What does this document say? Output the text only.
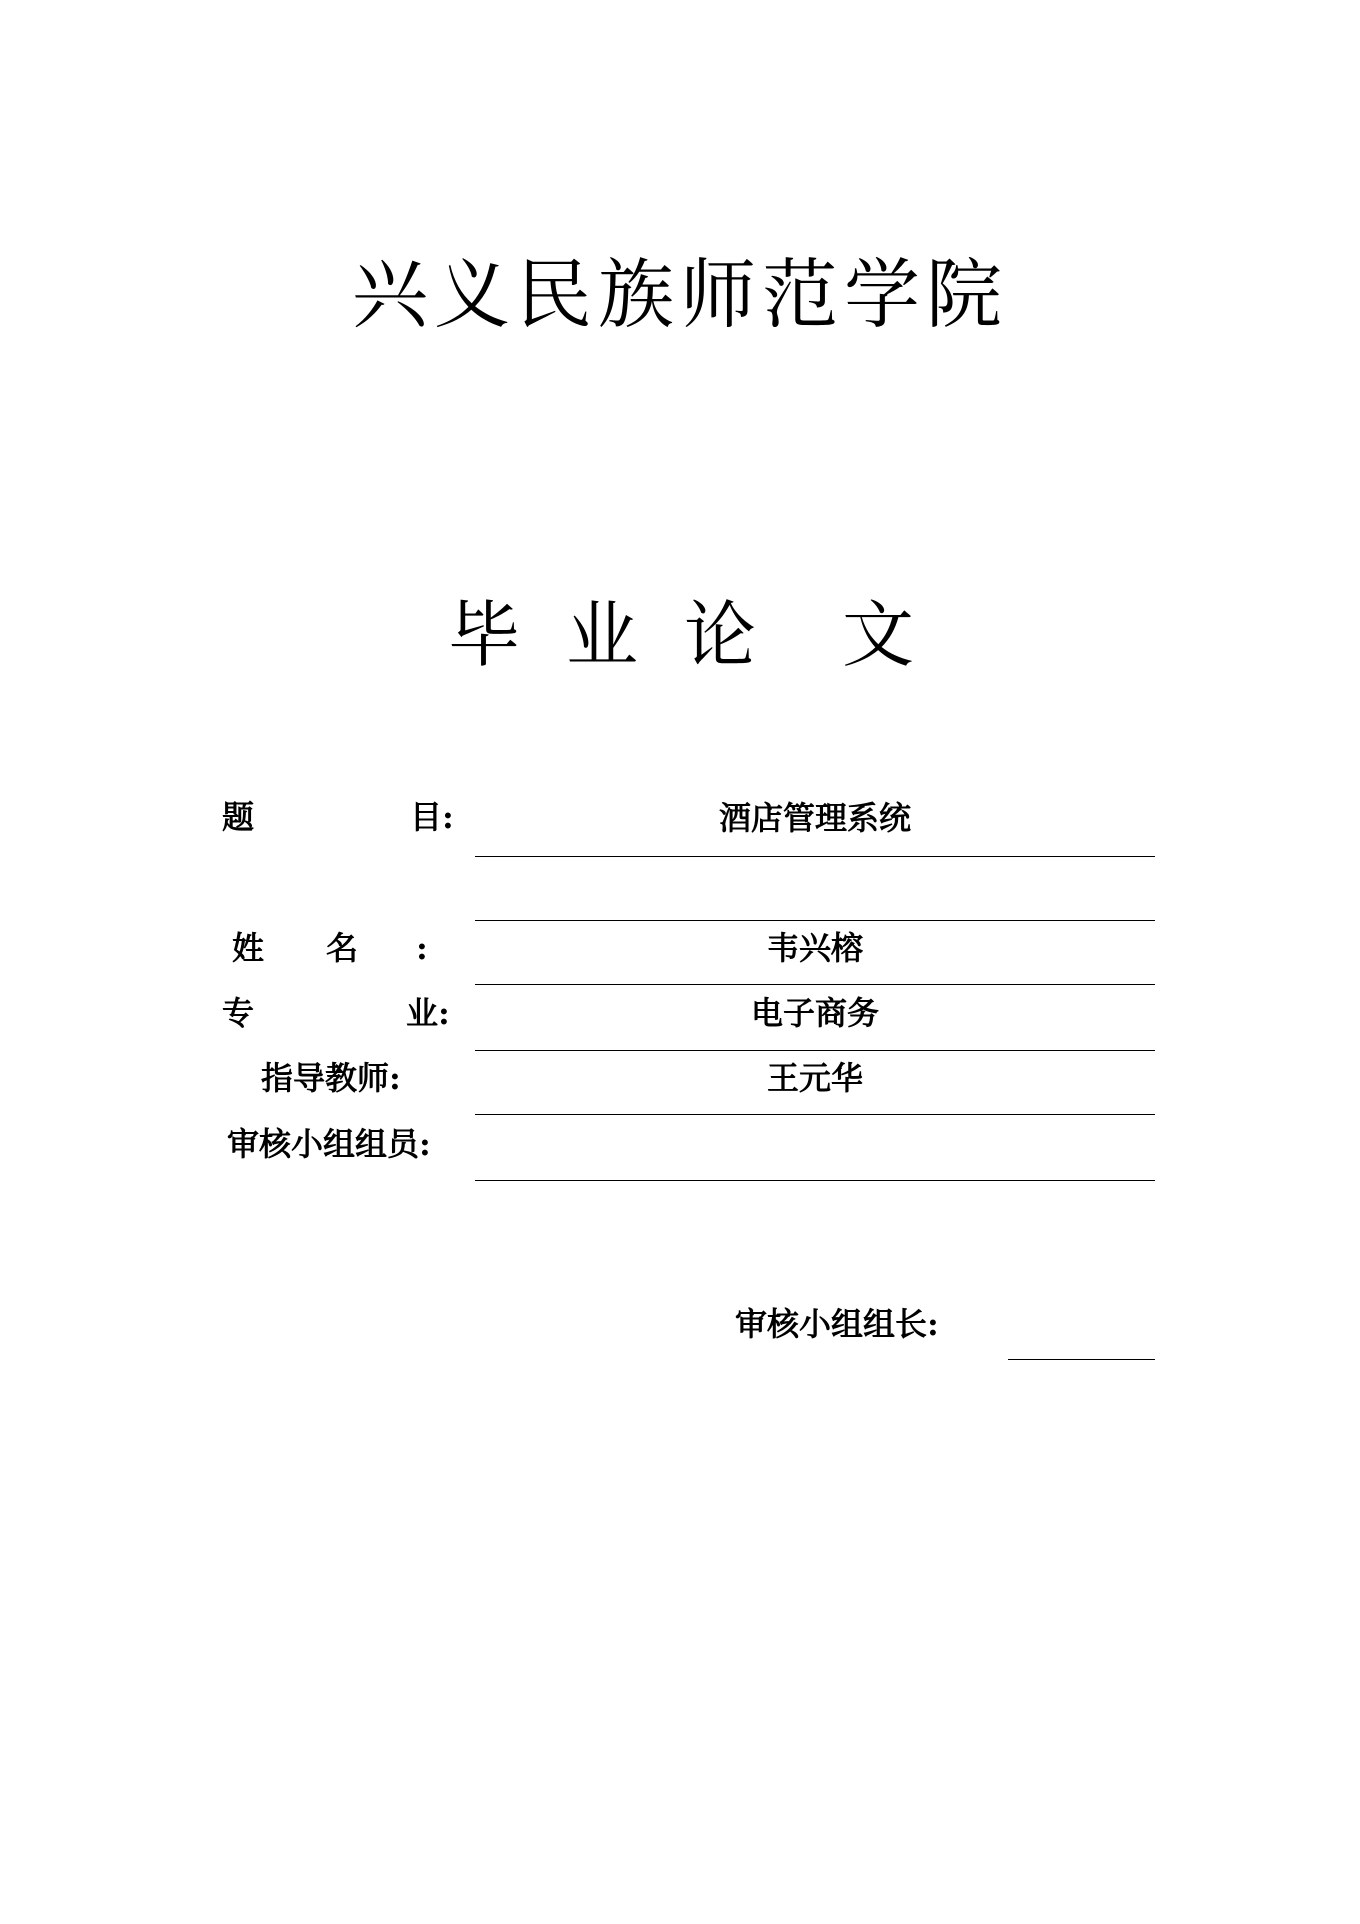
兴义民族师范学院
毕 业 论 文
题	目:	酒店管理系统
姓 名 :	韦兴榕
专	业:	电子商务
指导教师:	王元华
审核小组组员:
审核小组组长:
